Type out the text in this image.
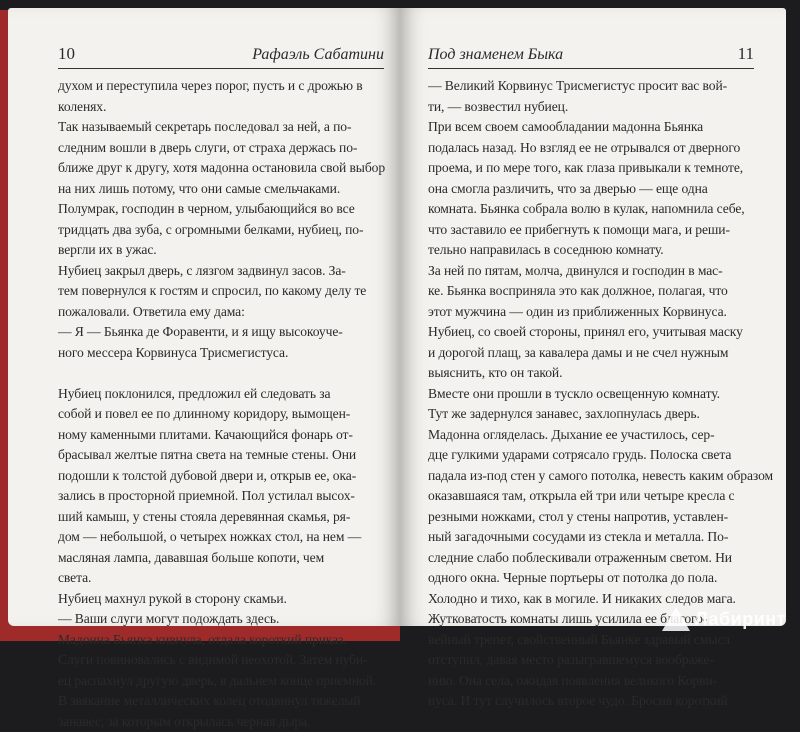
10	Рафаэль Сабатини
духом и переступила через порог, пусть и с дрожью в
коленях.
Так называемый секретарь последовал за ней, а по-
следним вошли в дверь слуги, от страха держась по-
ближе друг к другу, хотя мадонна остановила свой выбор
на них лишь потому, что они самые смельчаками.
Полумрак, господин в черном, улыбающийся во все
тридцать два зуба, с огромными белками, нубиец, по-
вергли их в ужас.
Нубиец закрыл дверь, с лязгом задвинул засов. За-
тем повернулся к гостям и спросил, по какому делу те
пожаловали. Ответила ему дама:
— Я — Бьянка де Форавенти, и я ищу высокоуче-
ного мессера Корвинуса Трисмегистуса.
Нубиец поклонился, предложил ей следовать за
собой и повел ее по длинному коридору, вымощен-
ному каменными плитами. Качающийся фонарь от-
брасывал желтые пятна света на темные стены. Они
подошли к толстой дубовой двери и, открыв ее, ока-
зались в просторной приемной. Пол устилал высох-
ший камыш, у стены стояла деревянная скамья, ря-
дом — небольшой, о четырех ножках стол, на нем —
масляная лампа, дававшая больше копоти, чем
света.
Нубиец махнул рукой в сторону скамьи.
— Ваши слуги могут подождать здесь.
Мадонна Бьянка кивнула, отдала короткий приказ.
Слуги повиновались с видимой неохотой. Затем нуби-
ец распахнул другую дверь, в дальнем конце приемной.
В звякание металлических колец отодвинул тяжелый
занавес, за которым открылась черная дыра.
Под знаменем Быка	11
— Великий Корвинус Трисмегистус просит вас вой-
ти, — возвестил нубиец.
При всем своем самообладании мадонна Бьянка
подалась назад. Но взгляд ее не отрывался от дверного
проема, и по мере того, как глаза привыкали к темноте,
она смогла различить, что за дверью — еще одна
комната. Бьянка собрала волю в кулак, напомнила себе,
что заставило ее прибегнуть к помощи мага, и реши-
тельно направилась в соседнюю комнату.
За ней по пятам, молча, двинулся и господин в мас-
ке. Бьянка восприняла это как должное, полагая, что
этот мужчина — один из приближенных Корвинуса.
Нубиец, со своей стороны, принял его, учитывая маску
и дорогой плащ, за кавалера дамы и не счел нужным
выяснить, кто он такой.
Вместе они прошли в тускло освещенную комнату.
Тут же задернулся занавес, захлопнулась дверь.
Мадонна огляделась. Дыхание ее участилось, сер-
дце гулкими ударами сотрясало грудь. Полоска света
падала из-под стен у самого потолка, невесть каким образом
оказавшаяся там, открыла ей три или четыре кресла с
резными ножками, стол у стены напротив, уставлен-
ный загадочными сосудами из стекла и металла. По-
следние слабо поблескивали отраженным светом. Ни
одного окна. Черные портьеры от потолка до пола.
Холодно и тихо, как в могиле. И никаких следов мага.
Жутковатость комнаты лишь усилила ее благого-
вейный трепет, свойственный Бьянке здравый смысл
отступил, давая место разыгравшемуся воображе-
нию. Она села, ожидая появления великого Корви-
нуса. И тут случилось второе чудо. Бросив короткий
Лабиринт
